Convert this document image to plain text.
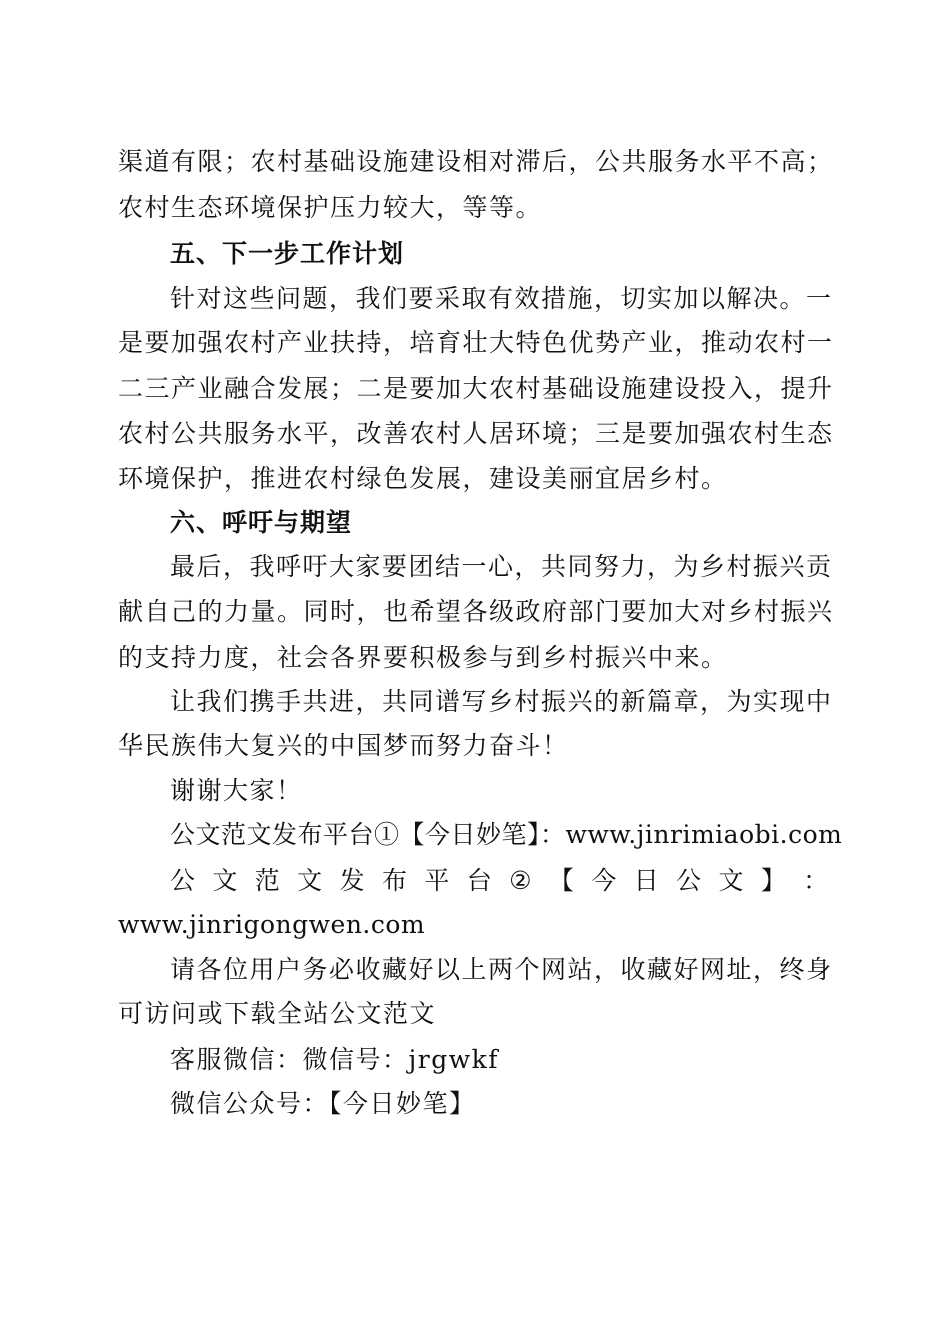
渠道有限；农村基础设施建设相对滞后，公共服务水平不高；
农村生态环境保护压力较大，等等。
五、下一步工作计划
针对这些问题，我们要采取有效措施，切实加以解决。一
是要加强农村产业扶持，培育壮大特色优势产业，推动农村一
二三产业融合发展；二是要加大农村基础设施建设投入，提升
农村公共服务水平，改善农村人居环境；三是要加强农村生态
环境保护，推进农村绿色发展，建设美丽宜居乡村。
六、呼吁与期望
最后，我呼吁大家要团结一心，共同努力，为乡村振兴贡
献自己的力量。同时，也希望各级政府部门要加大对乡村振兴
的支持力度，社会各界要积极参与到乡村振兴中来。
让我们携手共进，共同谱写乡村振兴的新篇章，为实现中
华民族伟大复兴的中国梦而努力奋斗！
谢谢大家！
公文范文发布平台①【今日妙笔】：www.jinrimiaobi.com
公 文 范 文 发 布 平 台 ② 【 今 日 公 文 】 ：
www.jinrigongwen.com
请各位用户务必收藏好以上两个网站，收藏好网址，终身
可访问或下载全站公文范文
客服微信：微信号：jrgwkf
微信公众号：【今日妙笔】
